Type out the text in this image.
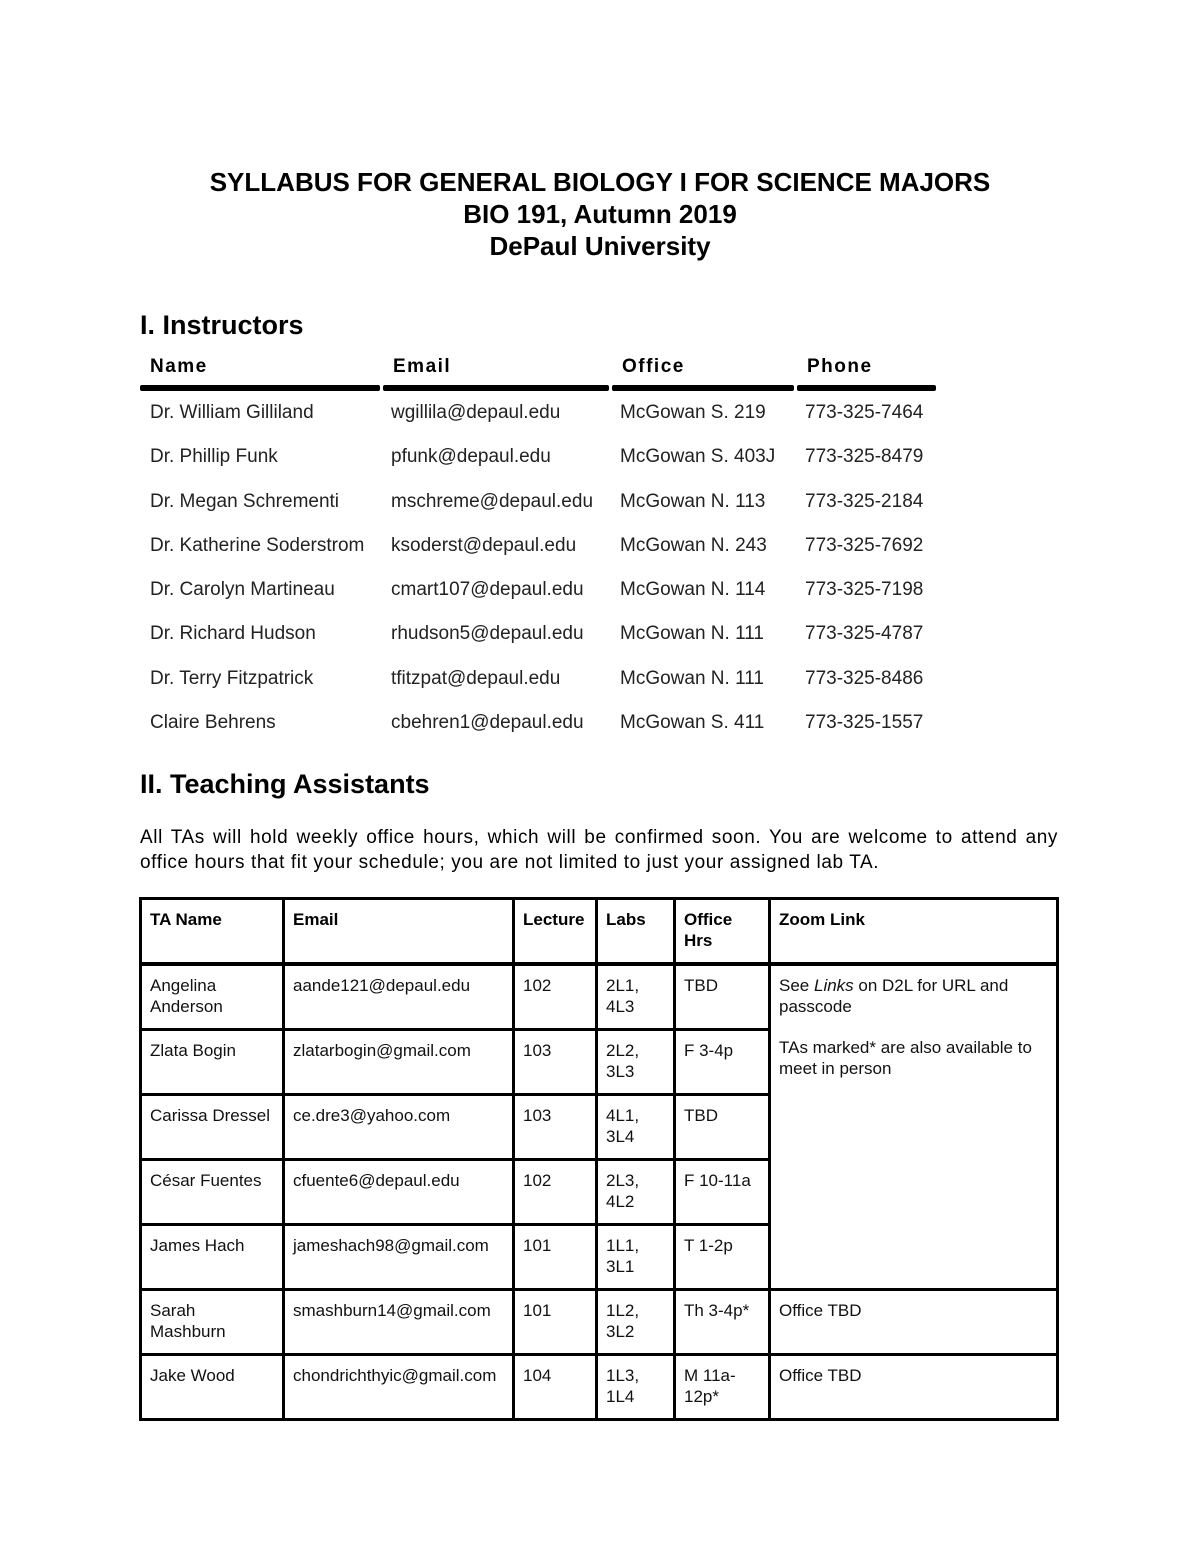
SYLLABUS FOR GENERAL BIOLOGY I FOR SCIENCE MAJORS
BIO 191, Autumn 2019
DePaul University
I. Instructors
Name	Email	Office	Phone
Dr. William Gilliland	wgillila@depaul.edu	McGowan S. 219 773-325-7464
Dr. Phillip Funk	pfunk@depaul.edu	McGowan S. 403J 773-325-8479
Dr. Megan Schrementi	mschreme@depaul.edu McGowan N. 113 773-325-2184
Dr. Katherine Soderstrom ksoderst@depaul.edu McGowan N. 243 773-325-7692
Dr. Carolyn Martineau	cmart107@depaul.edu McGowan N. 114 773-325-7198
Dr. Richard Hudson	rhudson5@depaul.edu McGowan N. 111 773-325-4787
Dr. Terry Fitzpatrick	tfitzpat@depaul.edu	McGowan N. 111 773-325-8486
Claire Behrens	cbehren1@depaul.edu McGowan S. 411 773-325-1557
II. Teaching Assistants
All TAs will hold weekly office hours, which will be confirmed soon. You are welcome to attend any office hours that fit your schedule; you are not limited to just your assigned lab TA.
TA Name	Email	Lecture	Labs	Office Hrs	Zoom Link
Angelina Anderson	aande121@depaul.edu	102	2L1, 4L3	TBD	See Links on D2L for URL and passcode

TAs marked* are also available to meet in person

Zlata Bogin	zlatarbogin@gmail.com	103	2L2, 3L3	F 3-4p	
Carissa Dressel	ce.dre3@yahoo.com	103	4L1, 3L4	TBD	
César Fuentes	cfuente6@depaul.edu	102	2L3, 4L2	F 10-11a	
James Hach	jameshach98@gmail.com	101	1L1, 3L1	T 1-2p	
Sarah Mashburn	smashburn14@gmail.com	101	1L2, 3L2	Th 3-4p*	Office TBD
Jake Wood	chondrichthyic@gmail.com	104	1L3, 1L4	M 11a-12p*	Office TBD
